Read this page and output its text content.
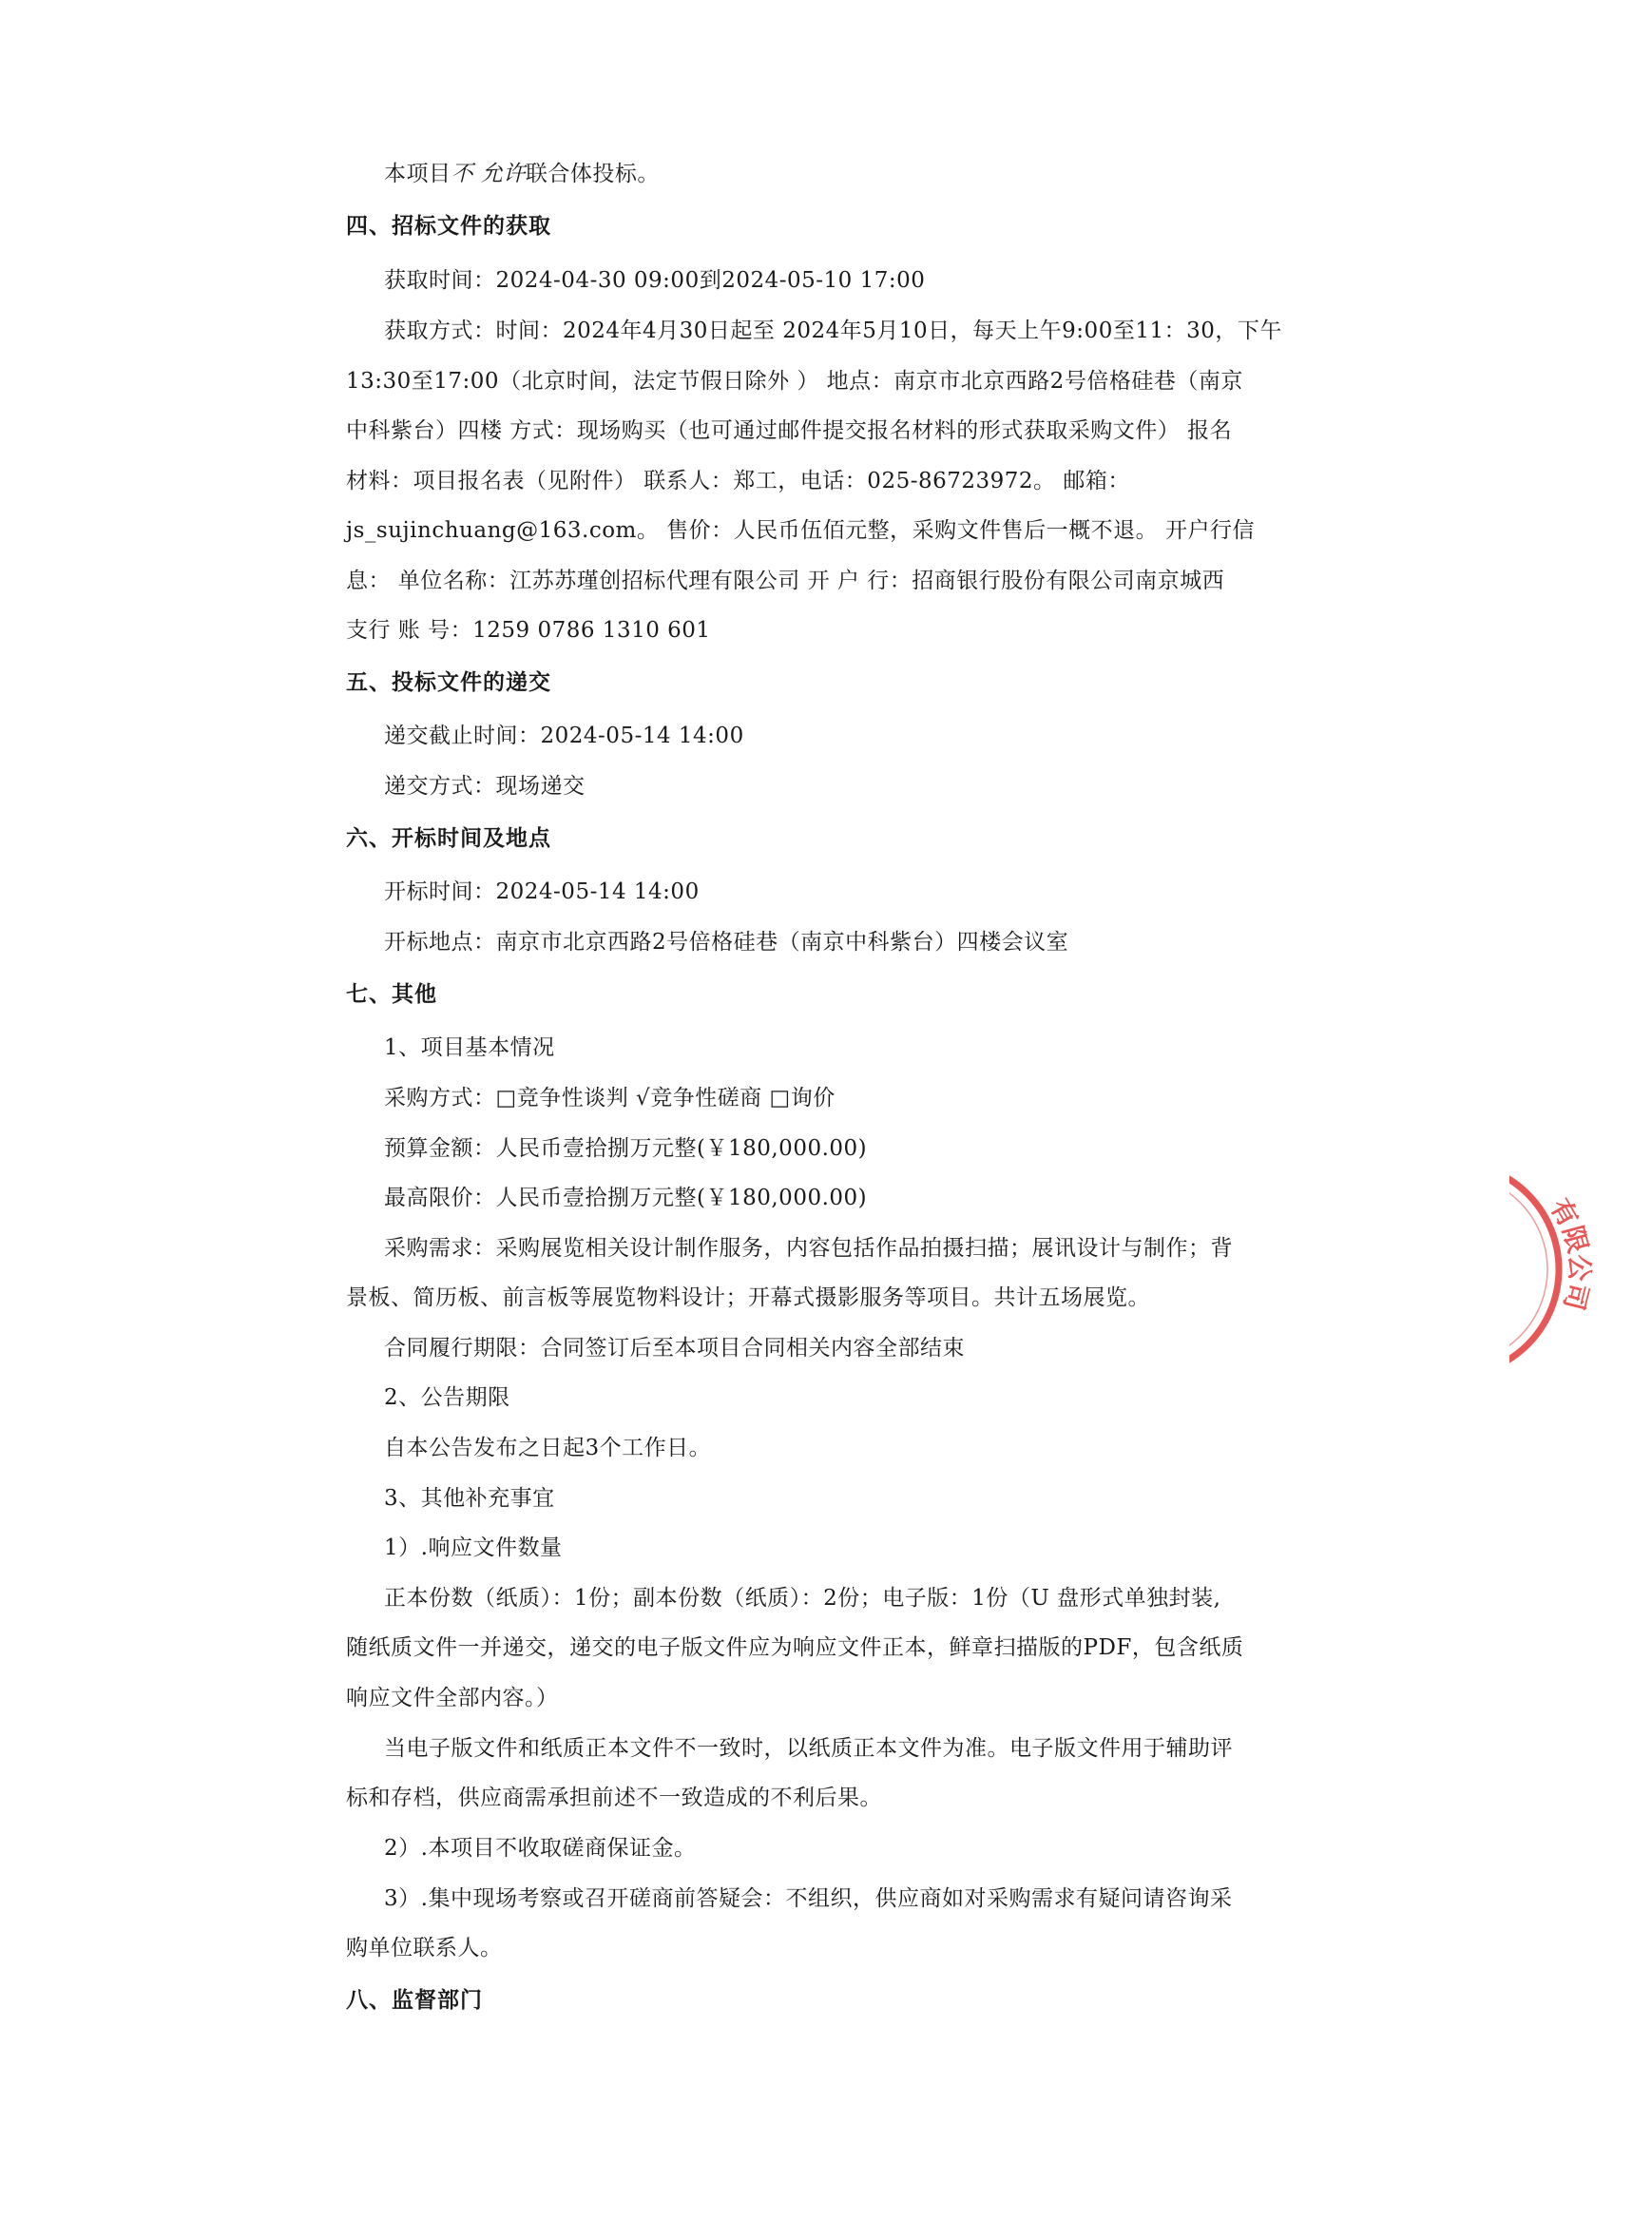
本项目不 允许联合体投标。
四、招标文件的获取
获取时间：2024-04-30 09:00到2024-05-10 17:00
获取方式：时间：2024年4月30日起至 2024年5月10日，每天上午9:00至11：30，下午
13:30至17:00（北京时间，法定节假日除外 ） 地点：南京市北京西路2号倍格硅巷（南京
中科紫台）四楼 方式：现场购买（也可通过邮件提交报名材料的形式获取采购文件） 报名
材料：项目报名表（见附件） 联系人：郑工，电话：025-86723972。 邮箱：
js_sujinchuang@163.com。 售价：人民币伍佰元整，采购文件售后一概不退。 开户行信
息： 单位名称：江苏苏瑾创招标代理有限公司 开 户 行：招商银行股份有限公司南京城西
支行 账 号：1259 0786 1310 601
五、投标文件的递交
递交截止时间：2024-05-14 14:00
递交方式：现场递交
六、开标时间及地点
开标时间：2024-05-14 14:00
开标地点：南京市北京西路2号倍格硅巷（南京中科紫台）四楼会议室
七、其他
1、项目基本情况
采购方式：□竞争性谈判 √竞争性磋商 □询价
预算金额：人民币壹拾捌万元整(￥180,000.00)
最高限价：人民币壹拾捌万元整(￥180,000.00)
采购需求：采购展览相关设计制作服务，内容包括作品拍摄扫描；展讯设计与制作；背
景板、简历板、前言板等展览物料设计；开幕式摄影服务等项目。共计五场展览。
合同履行期限：合同签订后至本项目合同相关内容全部结束
2、公告期限
自本公告发布之日起3个工作日。
3、其他补充事宜
1）.响应文件数量
正本份数（纸质）：1份；副本份数（纸质）：2份；电子版：1份（U 盘形式单独封装,
随纸质文件一并递交，递交的电子版文件应为响应文件正本，鲜章扫描版的PDF，包含纸质
响应文件全部内容。）
当电子版文件和纸质正本文件不一致时，以纸质正本文件为准。电子版文件用于辅助评
标和存档，供应商需承担前述不一致造成的不利后果。
2）.本项目不收取磋商保证金。
3）.集中现场考察或召开磋商前答疑会：不组织，供应商如对采购需求有疑问请咨询采
购单位联系人。
八、监督部门
有限公司
